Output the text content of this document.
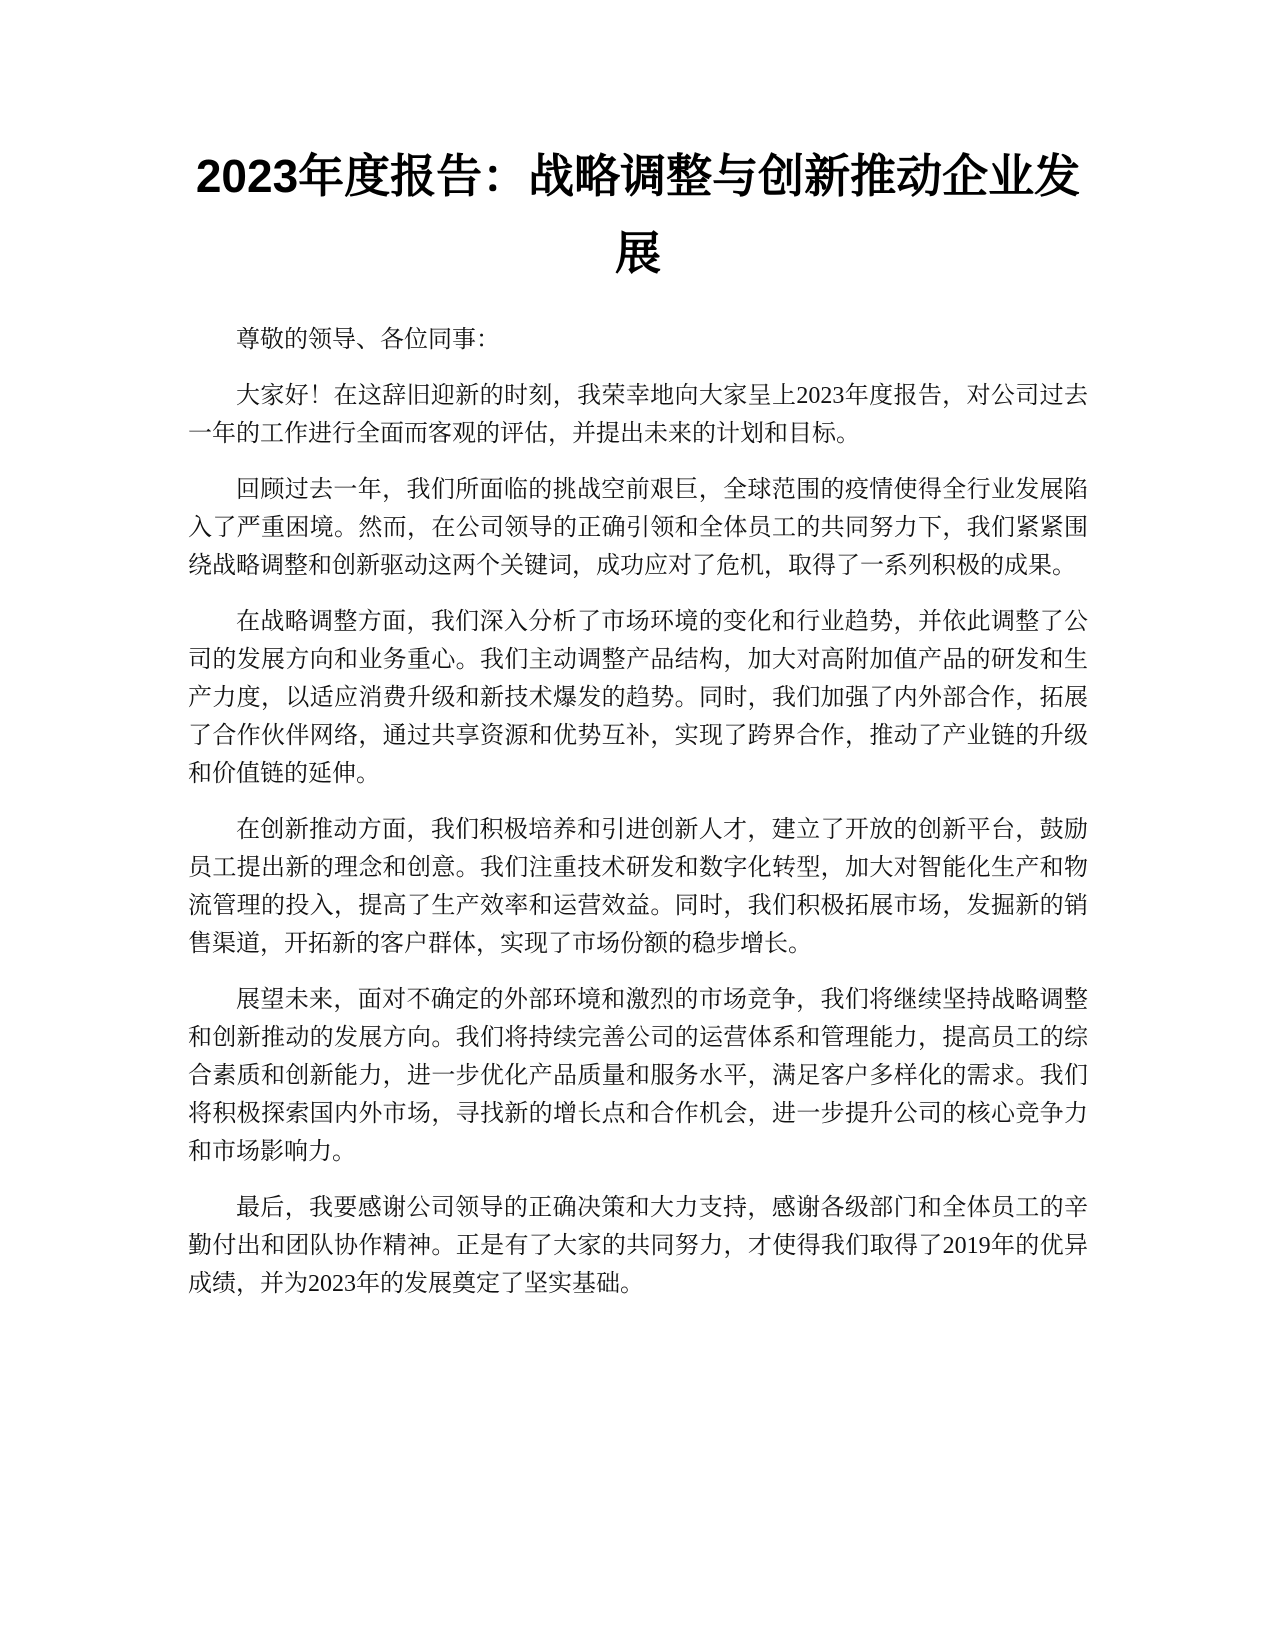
2023年度报告：战略调整与创新推动企业发展

尊敬的领导、各位同事：

大家好！在这辞旧迎新的时刻，我荣幸地向大家呈上2023年度报告，对公司过去一年的工作进行全面而客观的评估，并提出未来的计划和目标。

回顾过去一年，我们所面临的挑战空前艰巨，全球范围的疫情使得全行业发展陷入了严重困境。然而，在公司领导的正确引领和全体员工的共同努力下，我们紧紧围绕战略调整和创新驱动这两个关键词，成功应对了危机，取得了一系列积极的成果。

在战略调整方面，我们深入分析了市场环境的变化和行业趋势，并依此调整了公司的发展方向和业务重心。我们主动调整产品结构，加大对高附加值产品的研发和生产力度，以适应消费升级和新技术爆发的趋势。同时，我们加强了内外部合作，拓展了合作伙伴网络，通过共享资源和优势互补，实现了跨界合作，推动了产业链的升级和价值链的延伸。

在创新推动方面，我们积极培养和引进创新人才，建立了开放的创新平台，鼓励员工提出新的理念和创意。我们注重技术研发和数字化转型，加大对智能化生产和物流管理的投入，提高了生产效率和运营效益。同时，我们积极拓展市场，发掘新的销售渠道，开拓新的客户群体，实现了市场份额的稳步增长。

展望未来，面对不确定的外部环境和激烈的市场竞争，我们将继续坚持战略调整和创新推动的发展方向。我们将持续完善公司的运营体系和管理能力，提高员工的综合素质和创新能力，进一步优化产品质量和服务水平，满足客户多样化的需求。我们将积极探索国内外市场，寻找新的增长点和合作机会，进一步提升公司的核心竞争力和市场影响力。

最后，我要感谢公司领导的正确决策和大力支持，感谢各级部门和全体员工的辛勤付出和团队协作精神。正是有了大家的共同努力，才使得我们取得了2019年的优异成绩，并为2023年的发展奠定了坚实基础。
